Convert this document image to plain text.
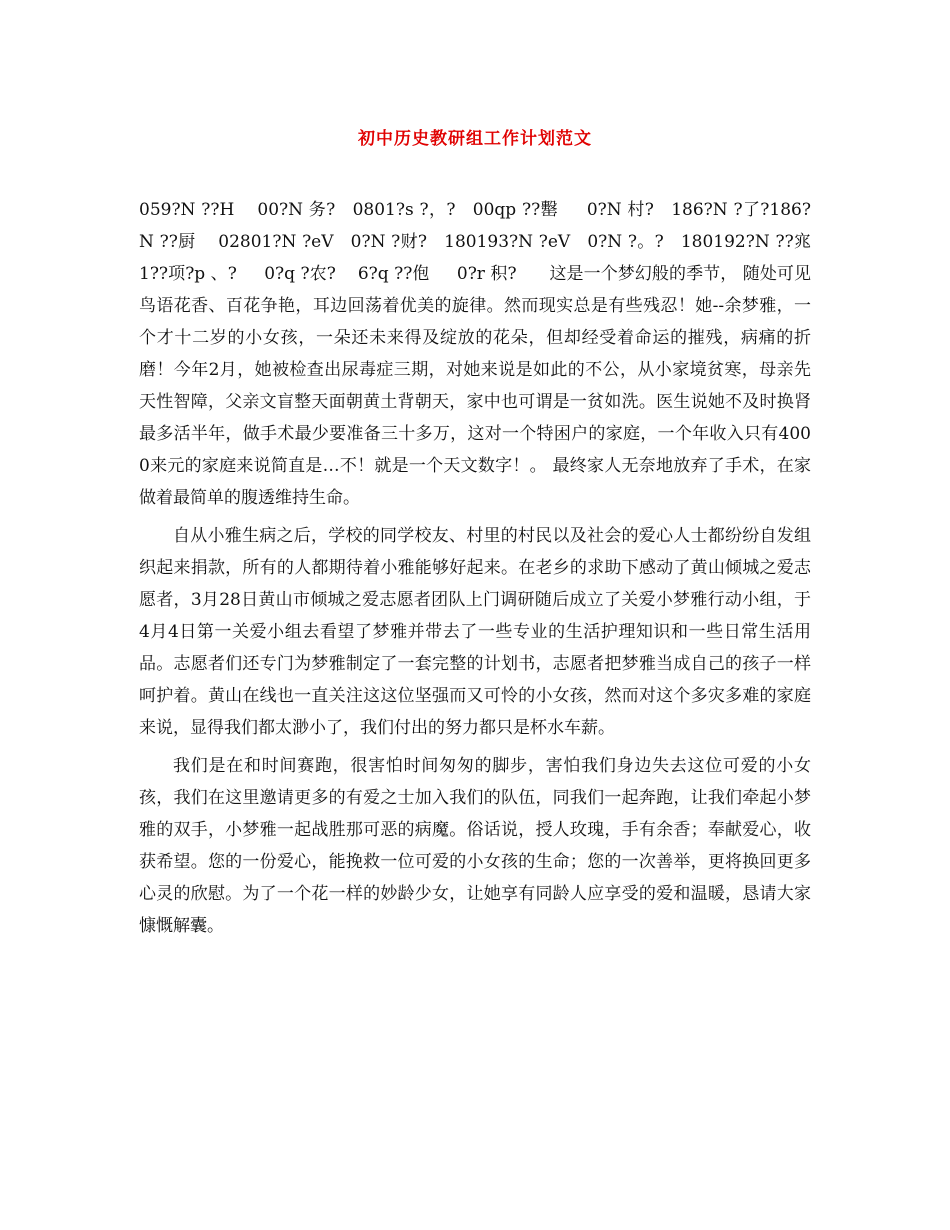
初中历史教研组工作计划范文

059?N ??H    00?N 务?   0801?s ?，?   00qp ??罊     0?N 村?   186?N ?了?186?N ??厨    02801?N ?eV   0?N ?财?   180193?N ?eV   0?N ?。?   180192?N ??宨    1??项?p 、?     0?q ?农?    6?q ??佨     0?r 积?      这是一个梦幻般的季节， 随处可见鸟语花香、百花争艳，耳边回荡着优美的旋律。然而现实总是有些残忍！她--余梦雅，一个才十二岁的小女孩，一朵还未来得及绽放的花朵，但却经受着命运的摧残，病痛的折磨！今年2月，她被检查出尿毒症三期，对她来说是如此的不公，从小家境贫寒，母亲先天性智障，父亲文盲整天面朝黄土背朝天，家中也可谓是一贫如洗。医生说她不及时换肾最多活半年，做手术最少要准备三十多万，这对一个特困户的家庭，一个年收入只有4000来元的家庭来说简直是…不！就是一个天文数字！。 最终家人无奈地放弃了手术，在家做着最简单的腹透维持生命。

自从小雅生病之后，学校的同学校友、村里的村民以及社会的爱心人士都纷纷自发组织起来捐款，所有的人都期待着小雅能够好起来。在老乡的求助下感动了黄山倾城之爱志愿者，3月28日黄山市倾城之爱志愿者团队上门调研随后成立了关爱小梦雅行动小组，于4月4日第一关爱小组去看望了梦雅并带去了一些专业的生活护理知识和一些日常生活用品。志愿者们还专门为梦雅制定了一套完整的计划书，志愿者把梦雅当成自己的孩子一样呵护着。黄山在线也一直关注这这位坚强而又可怜的小女孩，然而对这个多灾多难的家庭来说，显得我们都太渺小了，我们付出的努力都只是杯水车薪。

我们是在和时间赛跑，很害怕时间匆匆的脚步，害怕我们身边失去这位可爱的小女孩，我们在这里邀请更多的有爱之士加入我们的队伍，同我们一起奔跑，让我们牵起小梦雅的双手，小梦雅一起战胜那可恶的病魔。俗话说，授人玫瑰，手有余香；奉献爱心，收获希望。您的一份爱心，能挽救一位可爱的小女孩的生命；您的一次善举，更将换回更多心灵的欣慰。为了一个花一样的妙龄少女，让她享有同龄人应享受的爱和温暖，恳请大家慷慨解囊。
